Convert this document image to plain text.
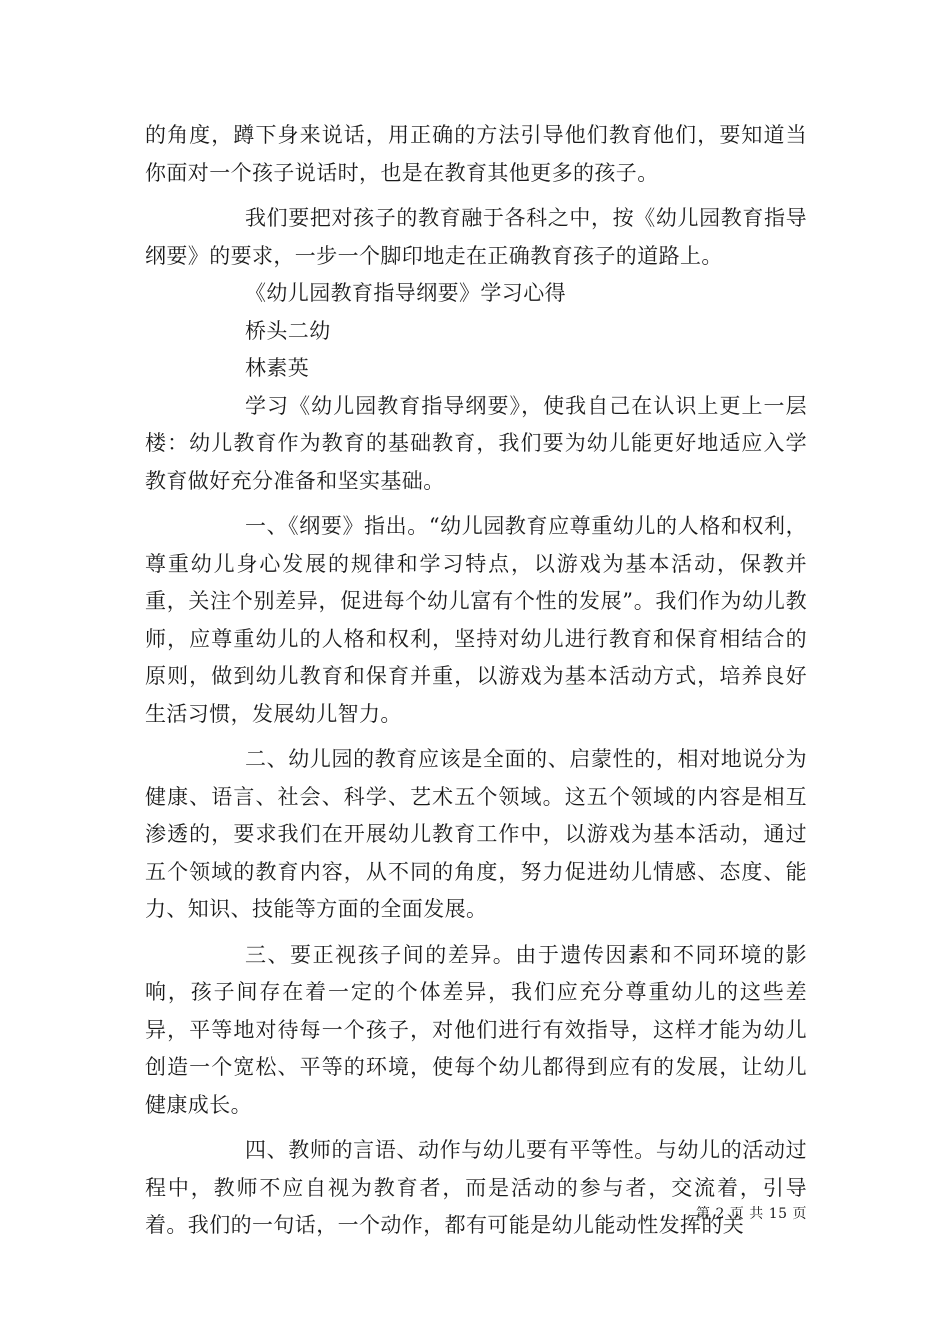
的角度，蹲下身来说话，用正确的方法引导他们教育他们，要知道当你面对一个孩子说话时，也是在教育其他更多的孩子。

我们要把对孩子的教育融于各科之中，按《幼儿园教育指导纲要》的要求，一步一个脚印地走在正确教育孩子的道路上。

《幼儿园教育指导纲要》学习心得

桥头二幼

林素英

学习《幼儿园教育指导纲要》，使我自己在认识上更上一层楼：幼儿教育作为教育的基础教育，我们要为幼儿能更好地适应入学教育做好充分准备和坚实基础。

一、《纲要》指出。“幼儿园教育应尊重幼儿的人格和权利，尊重幼儿身心发展的规律和学习特点，以游戏为基本活动，保教并重，关注个别差异，促进每个幼儿富有个性的发展”。我们作为幼儿教师，应尊重幼儿的人格和权利，坚持对幼儿进行教育和保育相结合的原则，做到幼儿教育和保育并重，以游戏为基本活动方式，培养良好生活习惯，发展幼儿智力。

二、幼儿园的教育应该是全面的、启蒙性的，相对地说分为健康、语言、社会、科学、艺术五个领域。这五个领域的内容是相互渗透的，要求我们在开展幼儿教育工作中，以游戏为基本活动，通过五个领域的教育内容，从不同的角度，努力促进幼儿情感、态度、能力、知识、技能等方面的全面发展。

三、要正视孩子间的差异。由于遗传因素和不同环境的影响，孩子间存在着一定的个体差异，我们应充分尊重幼儿的这些差异，平等地对待每一个孩子，对他们进行有效指导，这样才能为幼儿创造一个宽松、平等的环境，使每个幼儿都得到应有的发展，让幼儿健康成长。

四、教师的言语、动作与幼儿要有平等性。与幼儿的活动过程中，教师不应自视为教育者，而是活动的参与者，交流着，引导着。我们的一句话，一个动作，都有可能是幼儿能动性发挥的关

第 2 页 共 15 页
